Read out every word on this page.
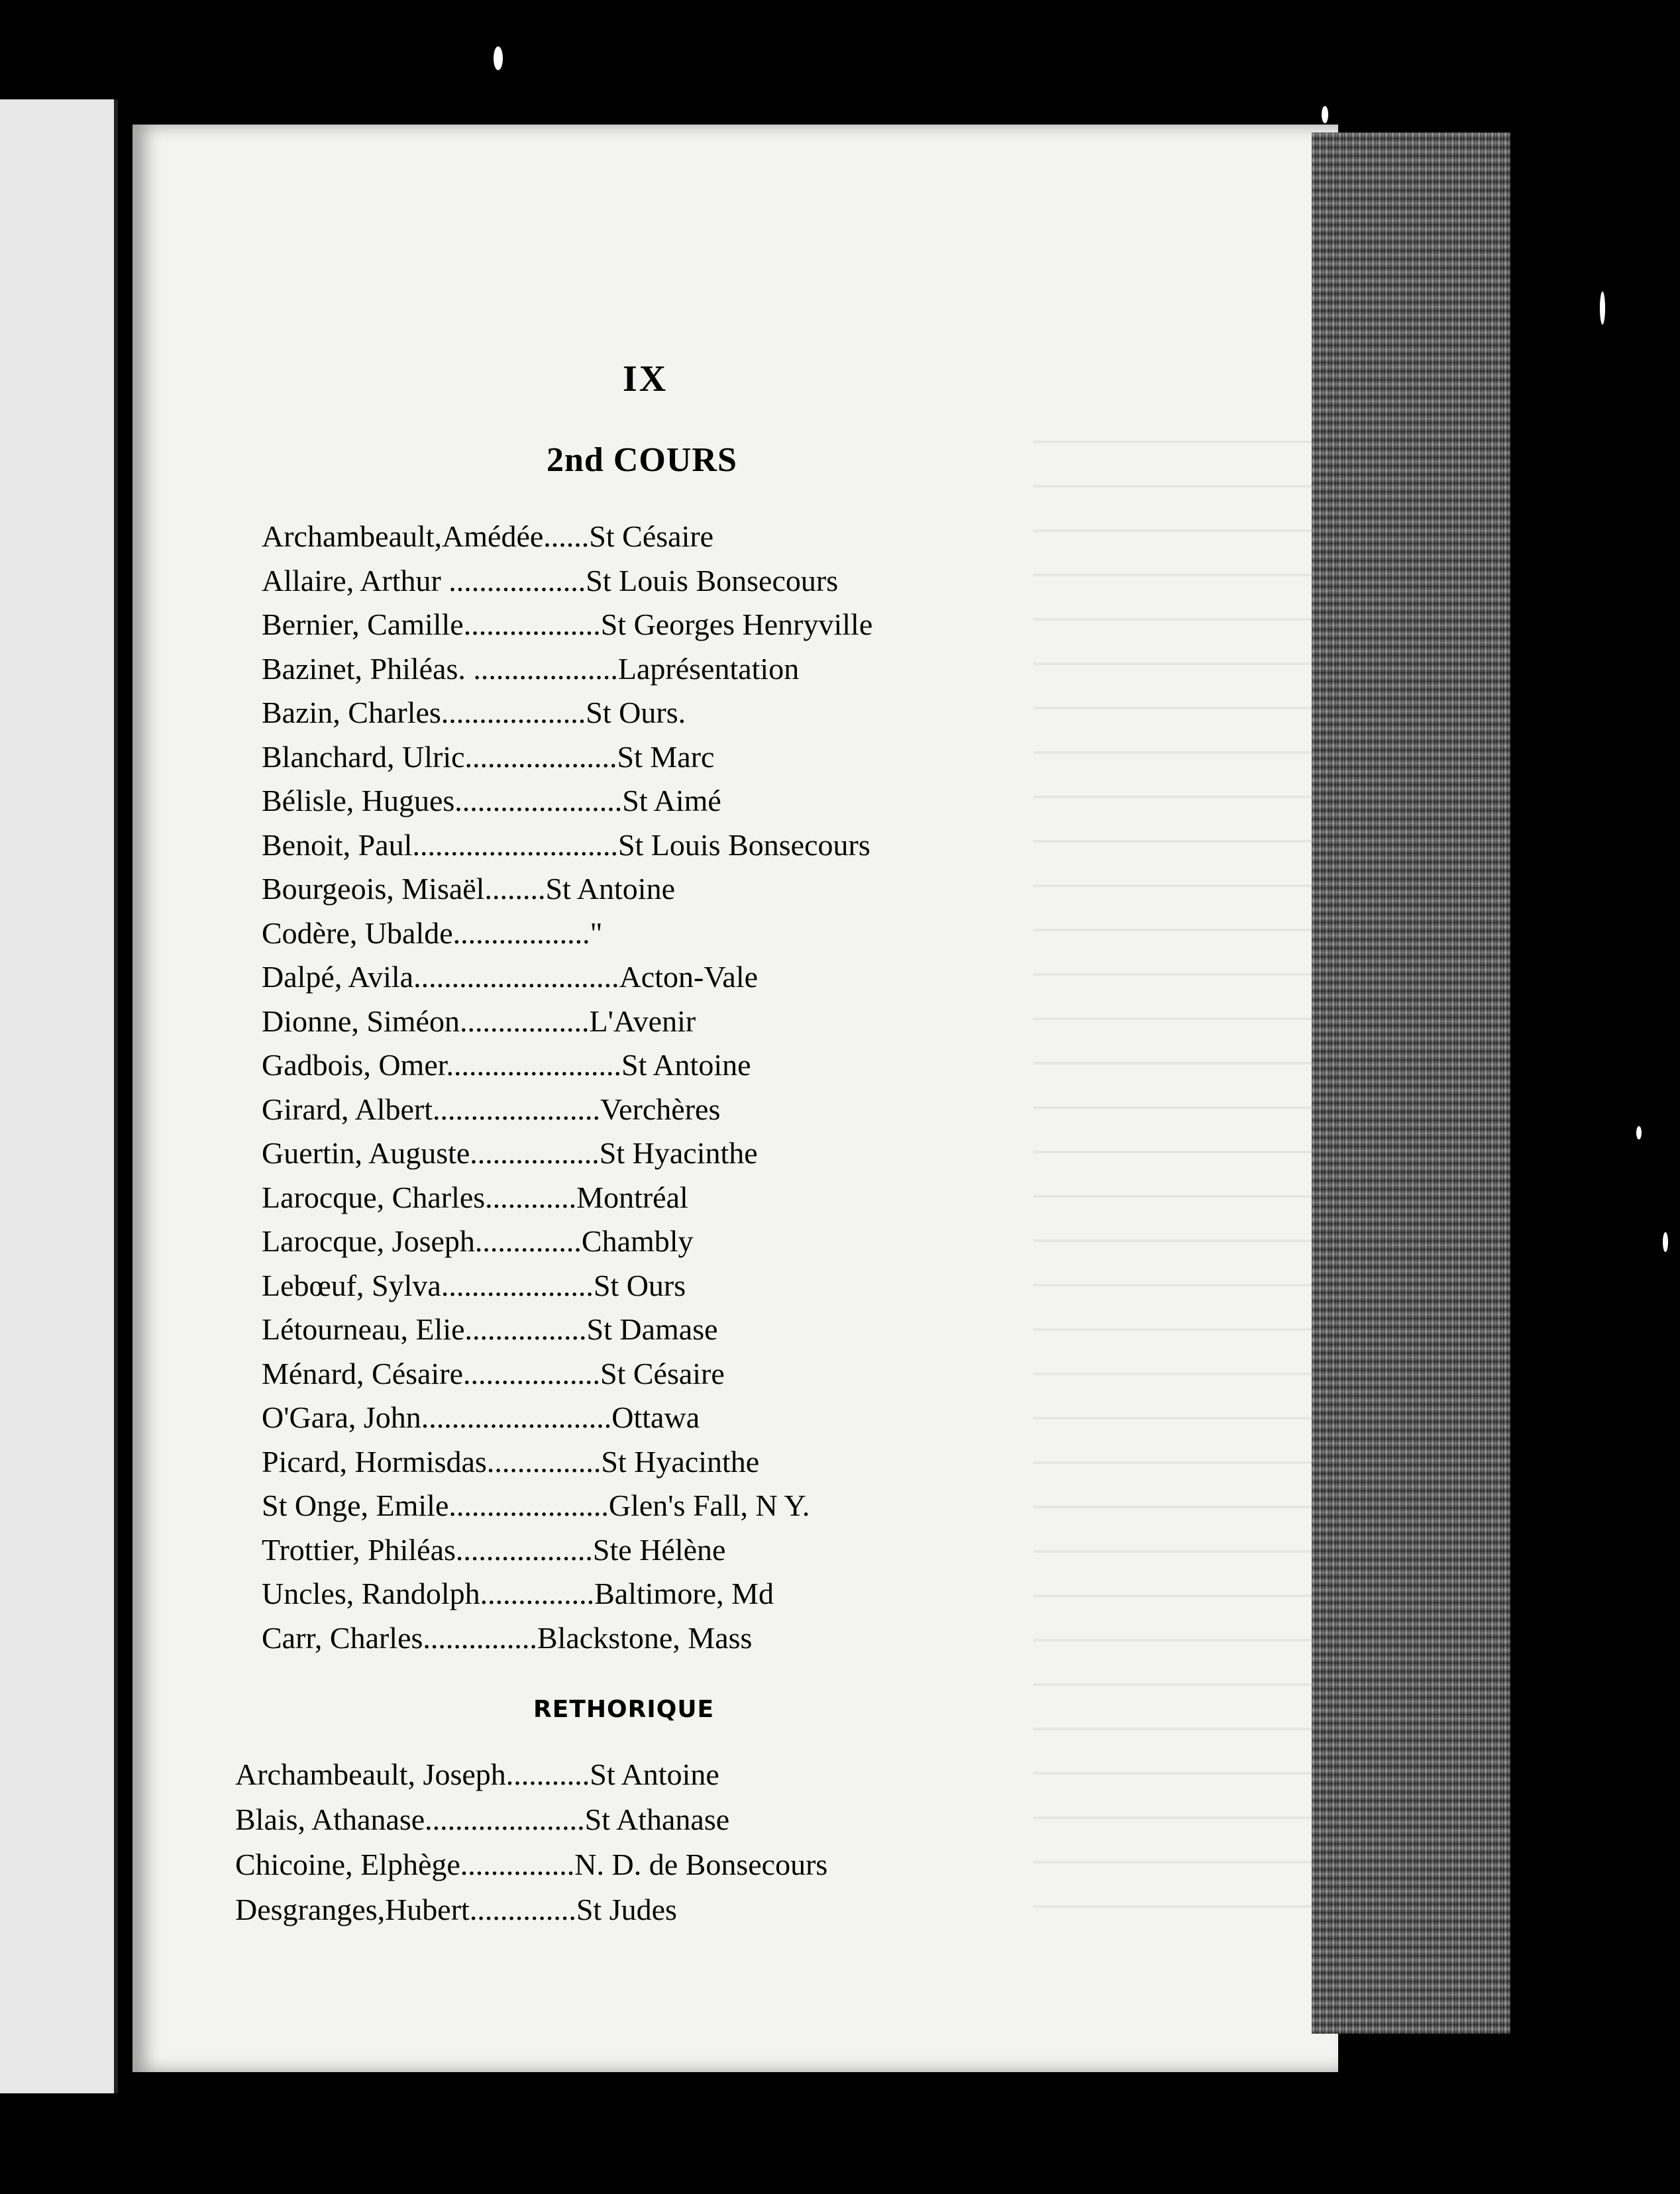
IX
2nd COURS
Archambeault,Amédée......St Césaire
Allaire, Arthur ..................St Louis Bonsecours
Bernier, Camille..................St Georges Henryville
Bazinet, Philéas. ...................Laprésentation
Bazin, Charles...................St Ours.
Blanchard, Ulric....................St Marc
Bélisle, Hugues......................St Aimé
Benoit, Paul...........................St Louis Bonsecours
Bourgeois, Misaël........St Antoine
Codère, Ubalde.................."
Dalpé, Avila...........................Acton-Vale
Dionne, Siméon.................L'Avenir
Gadbois, Omer.......................St Antoine
Girard, Albert......................Verchères
Guertin, Auguste.................St Hyacinthe
Larocque, Charles............Montréal
Larocque, Joseph..............Chambly
Lebœuf, Sylva....................St Ours
Létourneau, Elie................St Damase
Ménard, Césaire..................St Césaire
O'Gara, John.........................Ottawa
Picard, Hormisdas...............St Hyacinthe
St Onge, Emile.....................Glen's Fall, N Y.
Trottier, Philéas..................Ste Hélène
Uncles, Randolph...............Baltimore, Md
Carr, Charles...............Blackstone, Mass
RETHORIQUE
Archambeault, Joseph...........St Antoine
Blais, Athanase.....................St Athanase
Chicoine, Elphège...............N. D. de Bonsecours
Desgranges,Hubert..............St Judes
